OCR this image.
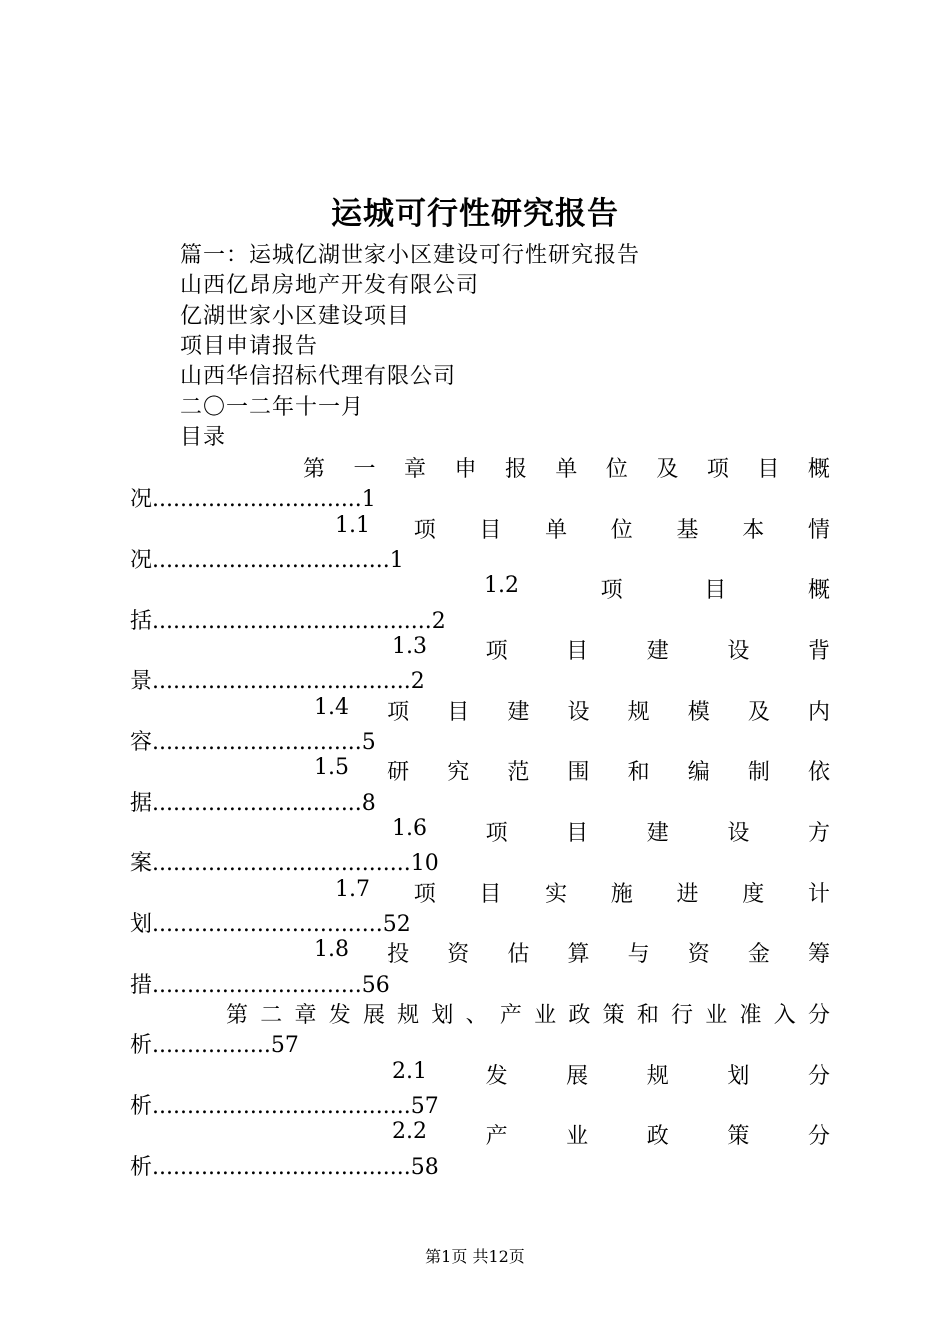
运城可行性研究报告
篇一：运城亿湖世家小区建设可行性研究报告
山西亿昂房地产开发有限公司
亿湖世家小区建设项目
项目申请报告
山西华信招标代理有限公司
二〇一二年十一月
目录
第 一 章 申 报 单 位 及 项 目 概
况..............................1
1.1 项 目 单 位 基 本 情
况..................................1
1.2	项	目	概
括........................................2
1.3	项	目	建	设	背
景.....................................2
1.4 项 目 建 设 规 模 及 内
容..............................5
1.5 研 究 范 围 和 编 制 依
据..............................8
1.6	项	目	建	设	方
案.....................................10
1.7 项 目 实 施 进 度 计
划.................................52
1.8 投 资 估 算 与 资 金 筹
措..............................56
第 二 章 发 展 规 划 、 产 业 政 策 和 行 业 准 入 分
析.................57
2.1	发	展	规	划	分
析.....................................57
2.2	产	业	政	策	分
析.....................................58
第1页 共12页
